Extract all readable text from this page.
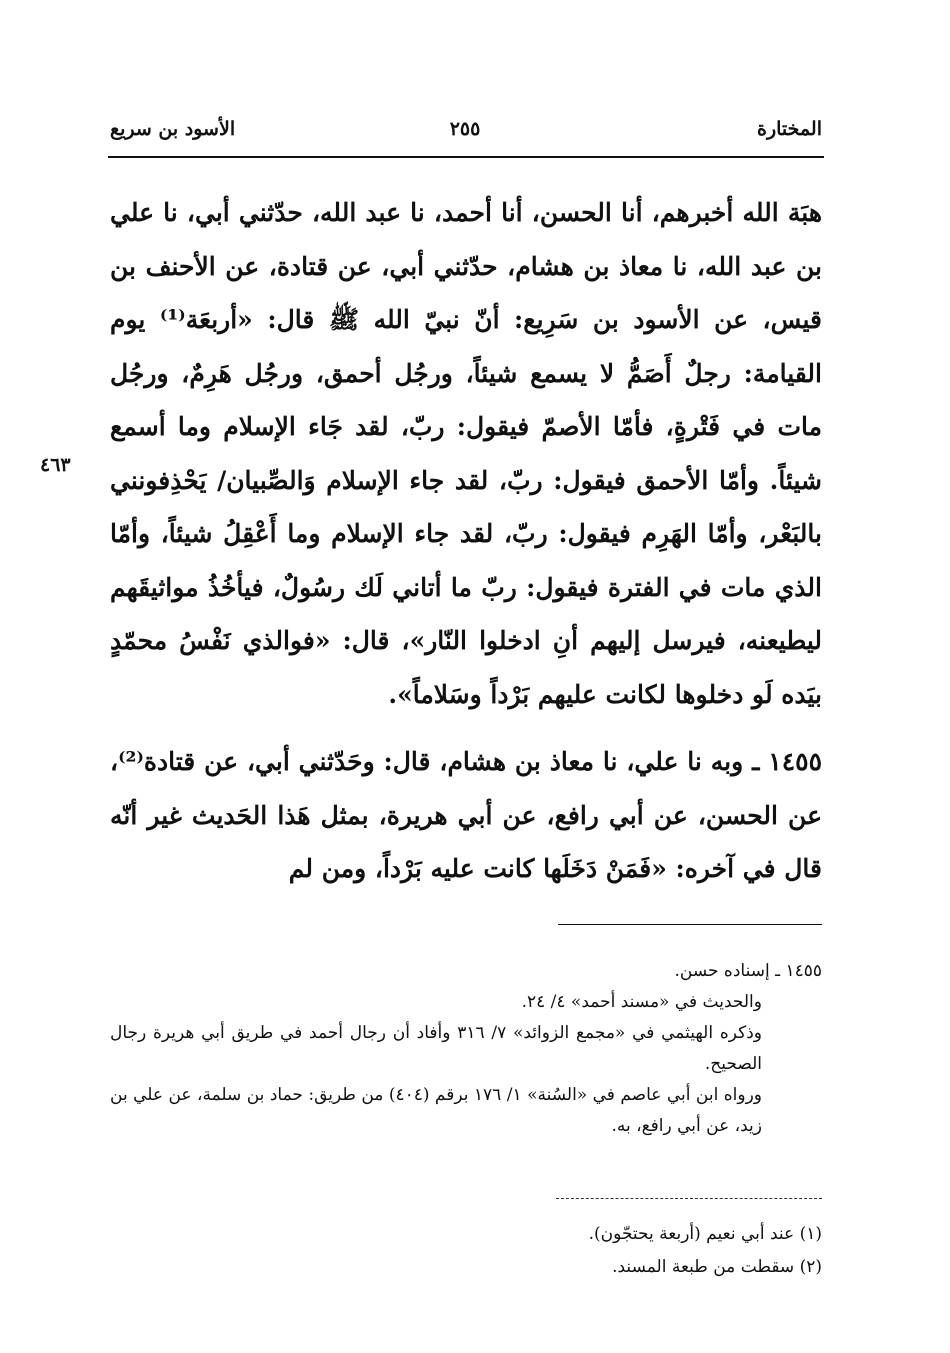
المختارة
٢٥٥
الأسود بن سريع
٤٦٣

هبَة الله أخبرهم، أنا الحسن، أنا أحمد، نا عبد الله، حدّثني أبي، نا علي بن عبد الله، نا معاذ بن هشام، حدّثني أبي، عن قتادة، عن الأحنف بن قيس، عن الأسود بن سَرِيع: أنّ نبيّ الله ﷺ قال: «أربعَة⁽¹⁾ يوم القيامة: رجلٌ أَصَمُّ لا يسمع شيئاً، ورجُل أحمق، ورجُل هَرِمٌ، ورجُل مات في فَتْرةٍ، فأمّا الأصمّ فيقول: ربّ، لقد جَاء الإسلام وما أسمع شيئاً. وأمّا الأحمق فيقول: ربّ، لقد جاء الإسلام وَالصِّبيان/ يَحْذِفونني بالبَعْر، وأمّا الهَرِم فيقول: ربّ، لقد جاء الإسلام وما أَعْقِلُ شيئاً، وأمّا الذي مات في الفترة فيقول: ربّ ما أتاني لَك رسُولٌ، فيأخُذُ مواثيقَهم ليطيعنه، فيرسل إليهم أنِ ادخلوا النّار»، قال: «فوالذي نَفْسُ محمّدٍ بيَده لَو دخلوها لكانت عليهم بَرْداً وسَلاماً».

١٤٥٥ ـ وبه نا علي، نا معاذ بن هشام، قال: وحَدّثني أبي، عن قتادة⁽²⁾، عن الحسن، عن أبي رافع، عن أبي هريرة، بمثل هَذا الحَديث غير أنّه قال في آخره: «فَمَنْ دَخَلَها كانت عليه بَرْداً، ومن لم

١٤٥٥ ـ إسناده حسن.

والحديث في «مسند أحمد» ٤/ ٢٤.

وذكره الهيثمي في «مجمع الزوائد» ٧/ ٣١٦ وأفاد أن رجال أحمد في طريق أبي هريرة رجال الصحيح.

ورواه ابن أبي عاصم في «السُنة» ١/ ١٧٦ برقم (٤٠٤) من طريق: حماد بن سلمة، عن علي بن زيد، عن أبي رافع، به.

(١) عند أبي نعيم (أربعة يحتجّون).

(٢) سقطت من طبعة المسند.
